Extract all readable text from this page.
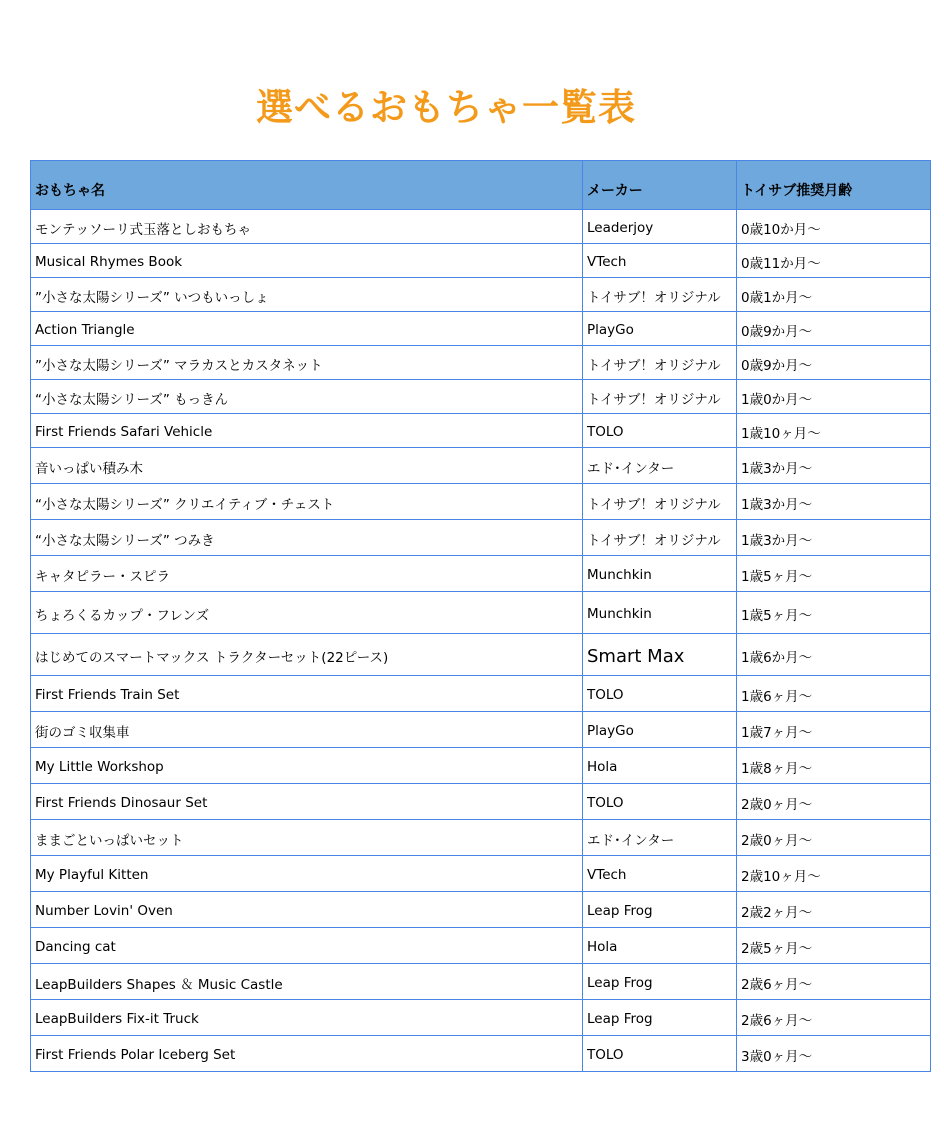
選べるおもちゃ一覧表
おもちゃ名	メーカー	トイサブ推奨月齢
モンテッソーリ式玉落としおもちゃ	Leaderjoy	0歳10か月〜
Musical Rhymes Book	VTech	0歳11か月〜
”小さな太陽シリーズ” いつもいっしょ	トイサブ！オリジナル	0歳1か月〜
Action Triangle	PlayGo	0歳9か月〜
”小さな太陽シリーズ” マラカスとカスタネット	トイサブ！オリジナル	0歳9か月〜
“小さな太陽シリーズ” もっきん	トイサブ！オリジナル	1歳0か月〜
First Friends Safari Vehicle	TOLO	1歳10ヶ月〜
音いっぱい積み木	エド･インター	1歳3か月〜
“小さな太陽シリーズ” クリエイティブ・チェスト	トイサブ！オリジナル	1歳3か月〜
“小さな太陽シリーズ” つみき	トイサブ！オリジナル	1歳3か月〜
キャタピラー・スピラ	Munchkin	1歳5ヶ月〜
ちょろくるカップ・フレンズ	Munchkin	1歳5ヶ月〜
はじめてのスマートマックス トラクターセット(22ピース)	Smart Max	1歳6か月〜
First Friends Train Set	TOLO	1歳6ヶ月〜
街のゴミ収集車	PlayGo	1歳7ヶ月〜
My Little Workshop	Hola	1歳8ヶ月〜
First Friends Dinosaur Set	TOLO	2歳0ヶ月〜
ままごといっぱいセット	エド･インター	2歳0ヶ月〜
My Playful Kitten	VTech	2歳10ヶ月〜
Number Lovin' Oven	Leap Frog	2歳2ヶ月〜
Dancing cat	Hola	2歳5ヶ月〜
LeapBuilders Shapes ＆ Music Castle	Leap Frog	2歳6ヶ月〜
LeapBuilders Fix-it Truck	Leap Frog	2歳6ヶ月〜
First Friends Polar Iceberg Set	TOLO	3歳0ヶ月〜
